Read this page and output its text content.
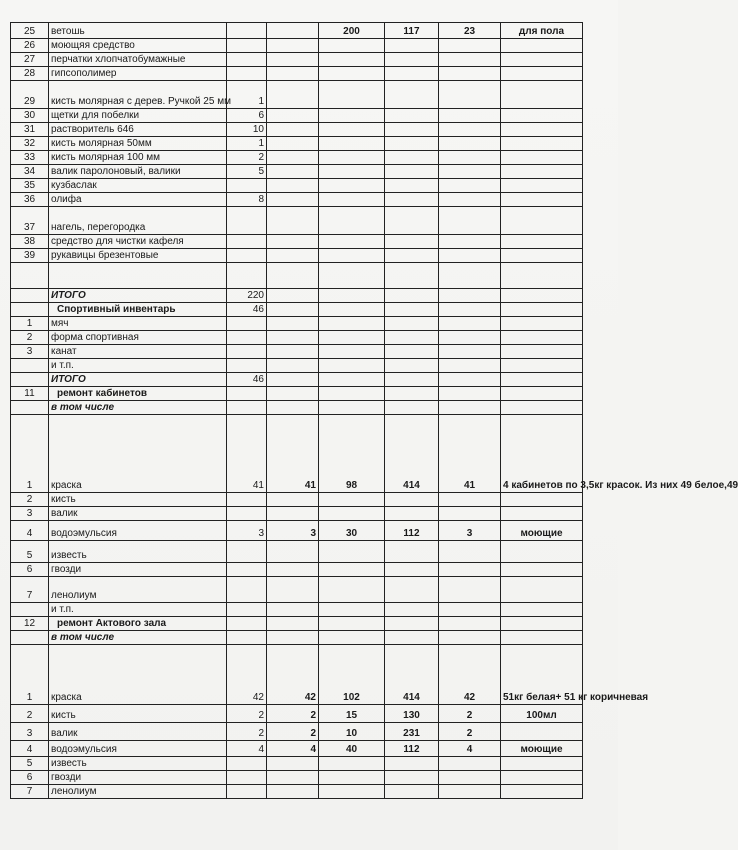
25	ветошь			200	117	23	для пола
26	моющяя средство						
27	перчатки хлопчатобумажные						
28	гипсополимер						
29	кисть молярная с дерев. Ручкой 25 мм	1					
30	щетки для побелки	6					
31	растворитель 646	10					
32	кисть молярная 50мм	1					
33	кисть молярная 100 мм	2					
34	валик паролоновый, валики	5					
35	кузбаслак						
36	олифа	8					
37	нагель, перегородка						
38	средство для чистки кафеля						
39	рукавицы брезентовые						

	ИТОГО	220					
	Спортивный инвентарь	46					
1	мяч						
2	форма спортивная						
3	канат						
	и т.п.						
	ИТОГО	46					
11	ремонт кабинетов						
	в том числе						
1	краска	41	41	98	414	41	4 кабинетов по 3,5кг красок. Из них 49 белое,49
2	кисть						
3	валик						
4	водоэмульсия	3	3	30	112	3	моющие
5	известь						
6	гвозди						
7	ленолиум						
	и т.п.						
12	ремонт Актового зала						
	в том числе						
1	краска	42	42	102	414	42	51кг белая+ 51 кг коричневая
2	кисть	2	2	15	130	2	100мл
3	валик	2	2	10	231	2	
4	водоэмульсия	4	4	40	112	4	моющие
5	известь						
6	гвозди						
7	ленолиум						
